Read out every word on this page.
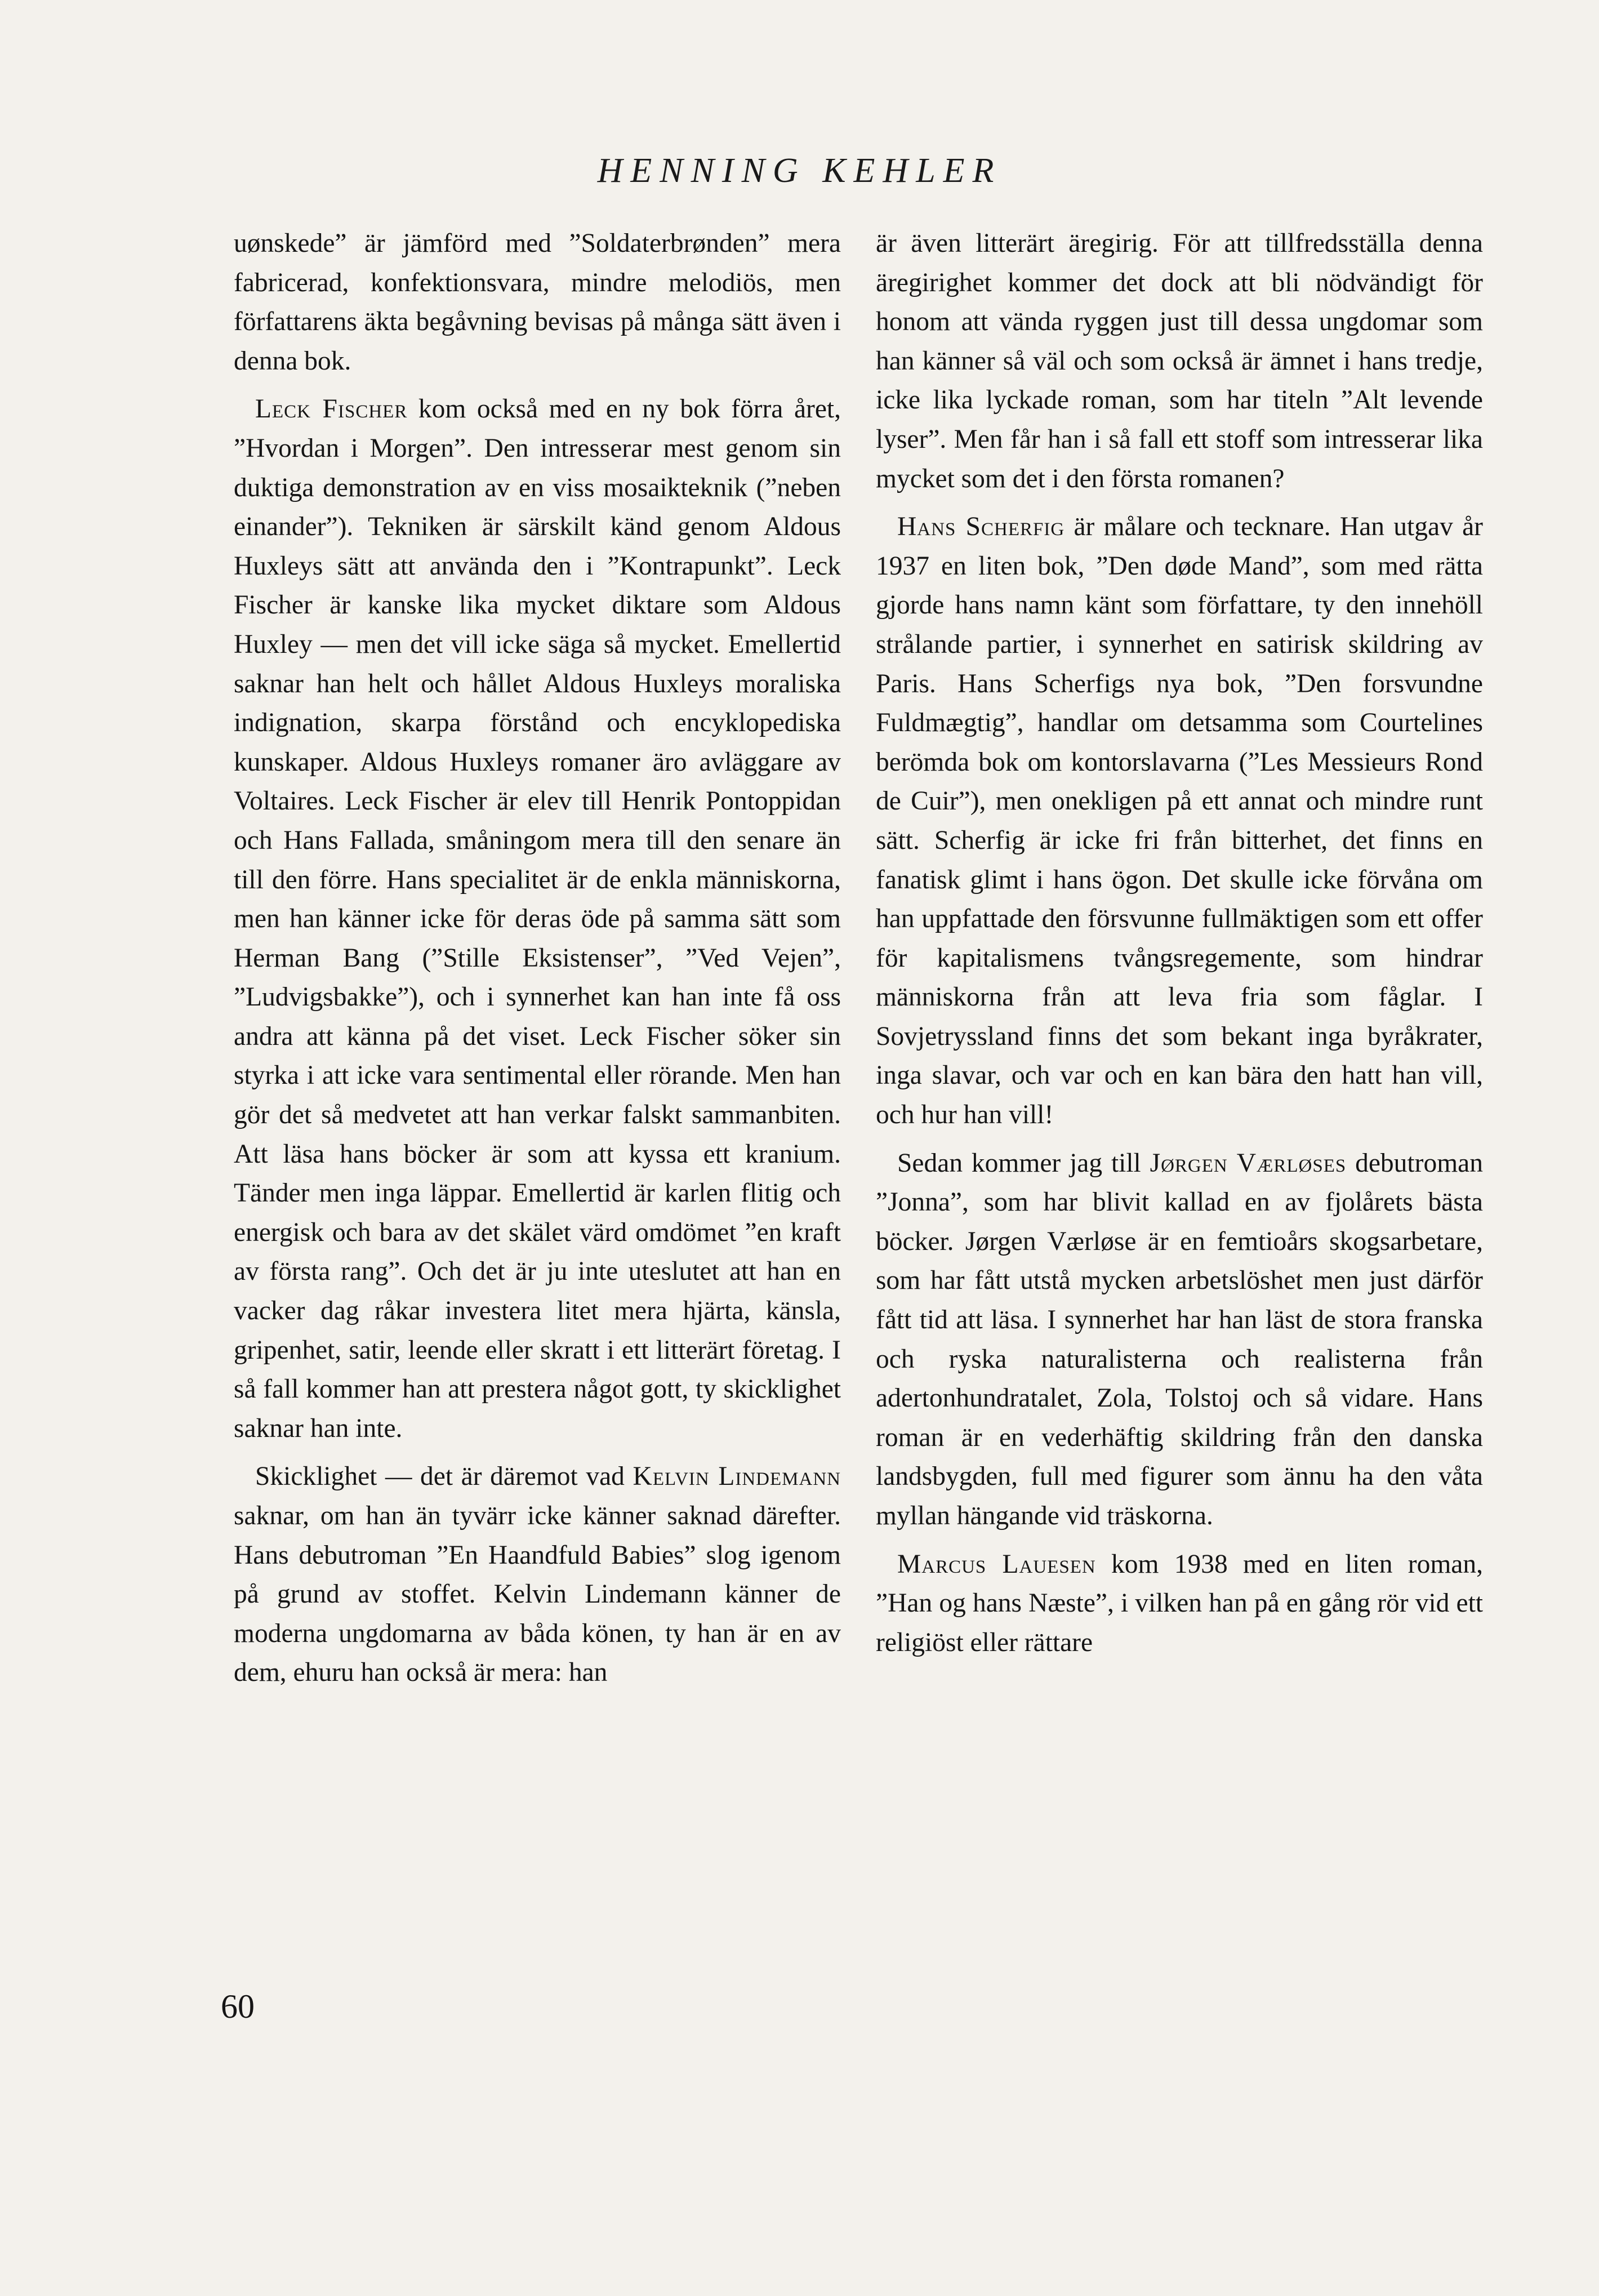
HENNING KEHLER

uønskede” är jämförd med ”Soldaterbrønden” mera fabricerad, konfektionsvara, mindre melodiös, men författarens äkta begåvning bevisas på många sätt även i denna bok.

Leck Fischer kom också med en ny bok förra året, ”Hvordan i Morgen”. Den intresserar mest genom sin duktiga demonstration av en viss mosaikteknik (”neben einander”). Tekniken är särskilt känd genom Aldous Huxleys sätt att använda den i ”Kontrapunkt”. Leck Fischer är kanske lika mycket diktare som Aldous Huxley — men det vill icke säga så mycket. Emellertid saknar han helt och hållet Aldous Huxleys moraliska indignation, skarpa förstånd och encyklopediska kunskaper. Aldous Huxleys romaner äro avläggare av Voltaires. Leck Fischer är elev till Henrik Pontoppidan och Hans Fallada, småningom mera till den senare än till den förre. Hans specialitet är de enkla människorna, men han känner icke för deras öde på samma sätt som Herman Bang (”Stille Eksistenser”, ”Ved Vejen”, ”Ludvigsbakke”), och i synnerhet kan han inte få oss andra att känna på det viset. Leck Fischer söker sin styrka i att icke vara sentimental eller rörande. Men han gör det så medvetet att han verkar falskt sammanbiten. Att läsa hans böcker är som att kyssa ett kranium. Tänder men inga läppar. Emellertid är karlen flitig och energisk och bara av det skälet värd omdömet ”en kraft av första rang”. Och det är ju inte uteslutet att han en vacker dag råkar investera litet mera hjärta, känsla, gripenhet, satir, leende eller skratt i ett litterärt företag. I så fall kommer han att prestera något gott, ty skicklighet saknar han inte.

Skicklighet — det är däremot vad Kelvin Lindemann saknar, om han än tyvärr icke känner saknad därefter. Hans debutroman ”En Haandfuld Babies” slog igenom på grund av stoffet. Kelvin Lindemann känner de moderna ungdomarna av båda könen, ty han är en av dem, ehuru han också är mera: han

är även litterärt äregirig. För att tillfredsställa denna äregirighet kommer det dock att bli nödvändigt för honom att vända ryggen just till dessa ungdomar som han känner så väl och som också är ämnet i hans tredje, icke lika lyckade roman, som har titeln ”Alt levende lyser”. Men får han i så fall ett stoff som intresserar lika mycket som det i den första romanen?

Hans Scherfig är målare och tecknare. Han utgav år 1937 en liten bok, ”Den døde Mand”, som med rätta gjorde hans namn känt som författare, ty den innehöll strålande partier, i synnerhet en satirisk skildring av Paris. Hans Scherfigs nya bok, ”Den forsvundne Fuldmægtig”, handlar om detsamma som Courtelines berömda bok om kontorslavarna (”Les Messieurs Rond de Cuir”), men onekligen på ett annat och mindre runt sätt. Scherfig är icke fri från bitterhet, det finns en fanatisk glimt i hans ögon. Det skulle icke förvåna om han uppfattade den försvunne fullmäktigen som ett offer för kapitalismens tvångsregemente, som hindrar människorna från att leva fria som fåglar. I Sovjetryssland finns det som bekant inga byråkrater, inga slavar, och var och en kan bära den hatt han vill, och hur han vill!

Sedan kommer jag till Jørgen Værløses debutroman ”Jonna”, som har blivit kallad en av fjolårets bästa böcker. Jørgen Værløse är en femtioårs skogsarbetare, som har fått utstå mycken arbetslöshet men just därför fått tid att läsa. I synnerhet har han läst de stora franska och ryska naturalisterna och realisterna från adertonhundratalet, Zola, Tolstoj och så vidare. Hans roman är en vederhäftig skildring från den danska landsbygden, full med figurer som ännu ha den våta myllan hängande vid träskorna.

Marcus Lauesen kom 1938 med en liten roman, ”Han og hans Næste”, i vilken han på en gång rör vid ett religiöst eller rättare

60
